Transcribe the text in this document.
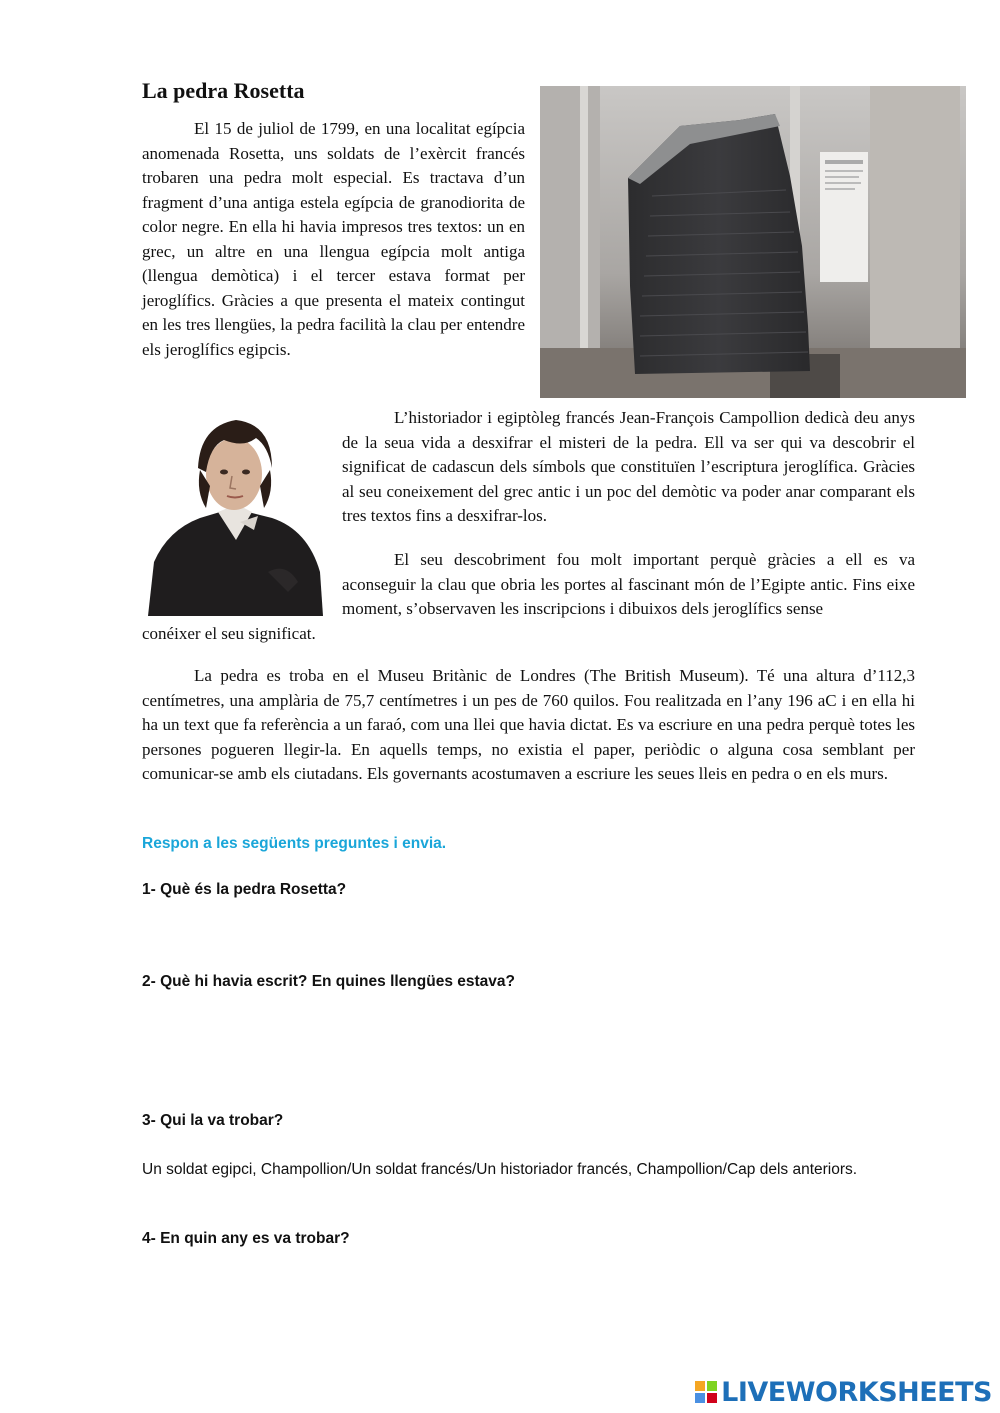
La pedra Rosetta

El 15 de juliol de 1799, en una localitat egípcia anomenada Rosetta, uns soldats de l’exèrcit francés trobaren una pedra molt especial. Es tractava d’un fragment d’una antiga estela egípcia de granodiorita de color negre. En ella hi havia impresos tres textos: un en grec, un altre en una llengua egípcia molt antiga (llengua demòtica) i el tercer estava format per jeroglífics. Gràcies a que presenta el mateix contingut en les tres llengües, la pedra facilità la clau per entendre els jeroglífics egipcis.

L’historiador i egiptòleg francés Jean-François Campollion dedicà deu anys de la seua vida a desxifrar el misteri de la pedra. Ell va ser qui va descobrir el significat de cadascun dels símbols que constituïen l’escriptura jeroglífica. Gràcies al seu coneixement del grec antic i un poc del demòtic va poder anar comparant els tres textos fins a desxifrar-los.

El seu descobriment fou molt important perquè gràcies a ell es va aconseguir la clau que obria les portes al fascinant món de l’Egipte antic. Fins eixe moment, s’observaven les inscripcions i dibuixos dels jeroglífics sense

conéixer el seu significat.

La pedra es troba en el Museu Britànic de Londres (The British Museum). Té una altura d’112,3 centímetres, una amplària de 75,7 centímetres i un pes de 760 quilos. Fou realitzada en l’any 196 aC i en ella hi ha un text que fa referència a un faraó, com una llei que havia dictat. Es va escriure en una pedra perquè totes les persones pogueren llegir-la. En aquells temps, no existia el paper, periòdic o alguna cosa semblant per comunicar-se amb els ciutadans. Els governants acostumaven a escriure les seues lleis en pedra o en els murs.

Respon a les següents preguntes i envia.
1- Què és la pedra Rosetta?
2- Què hi havia escrit? En quines llengües estava?
3- Qui la va trobar?

Un soldat egipci, Champollion/Un soldat francés/Un historiador francés, Champollion/Cap dels anteriors.

4- En quin any es va trobar?
LIVEWORKSHEETS
